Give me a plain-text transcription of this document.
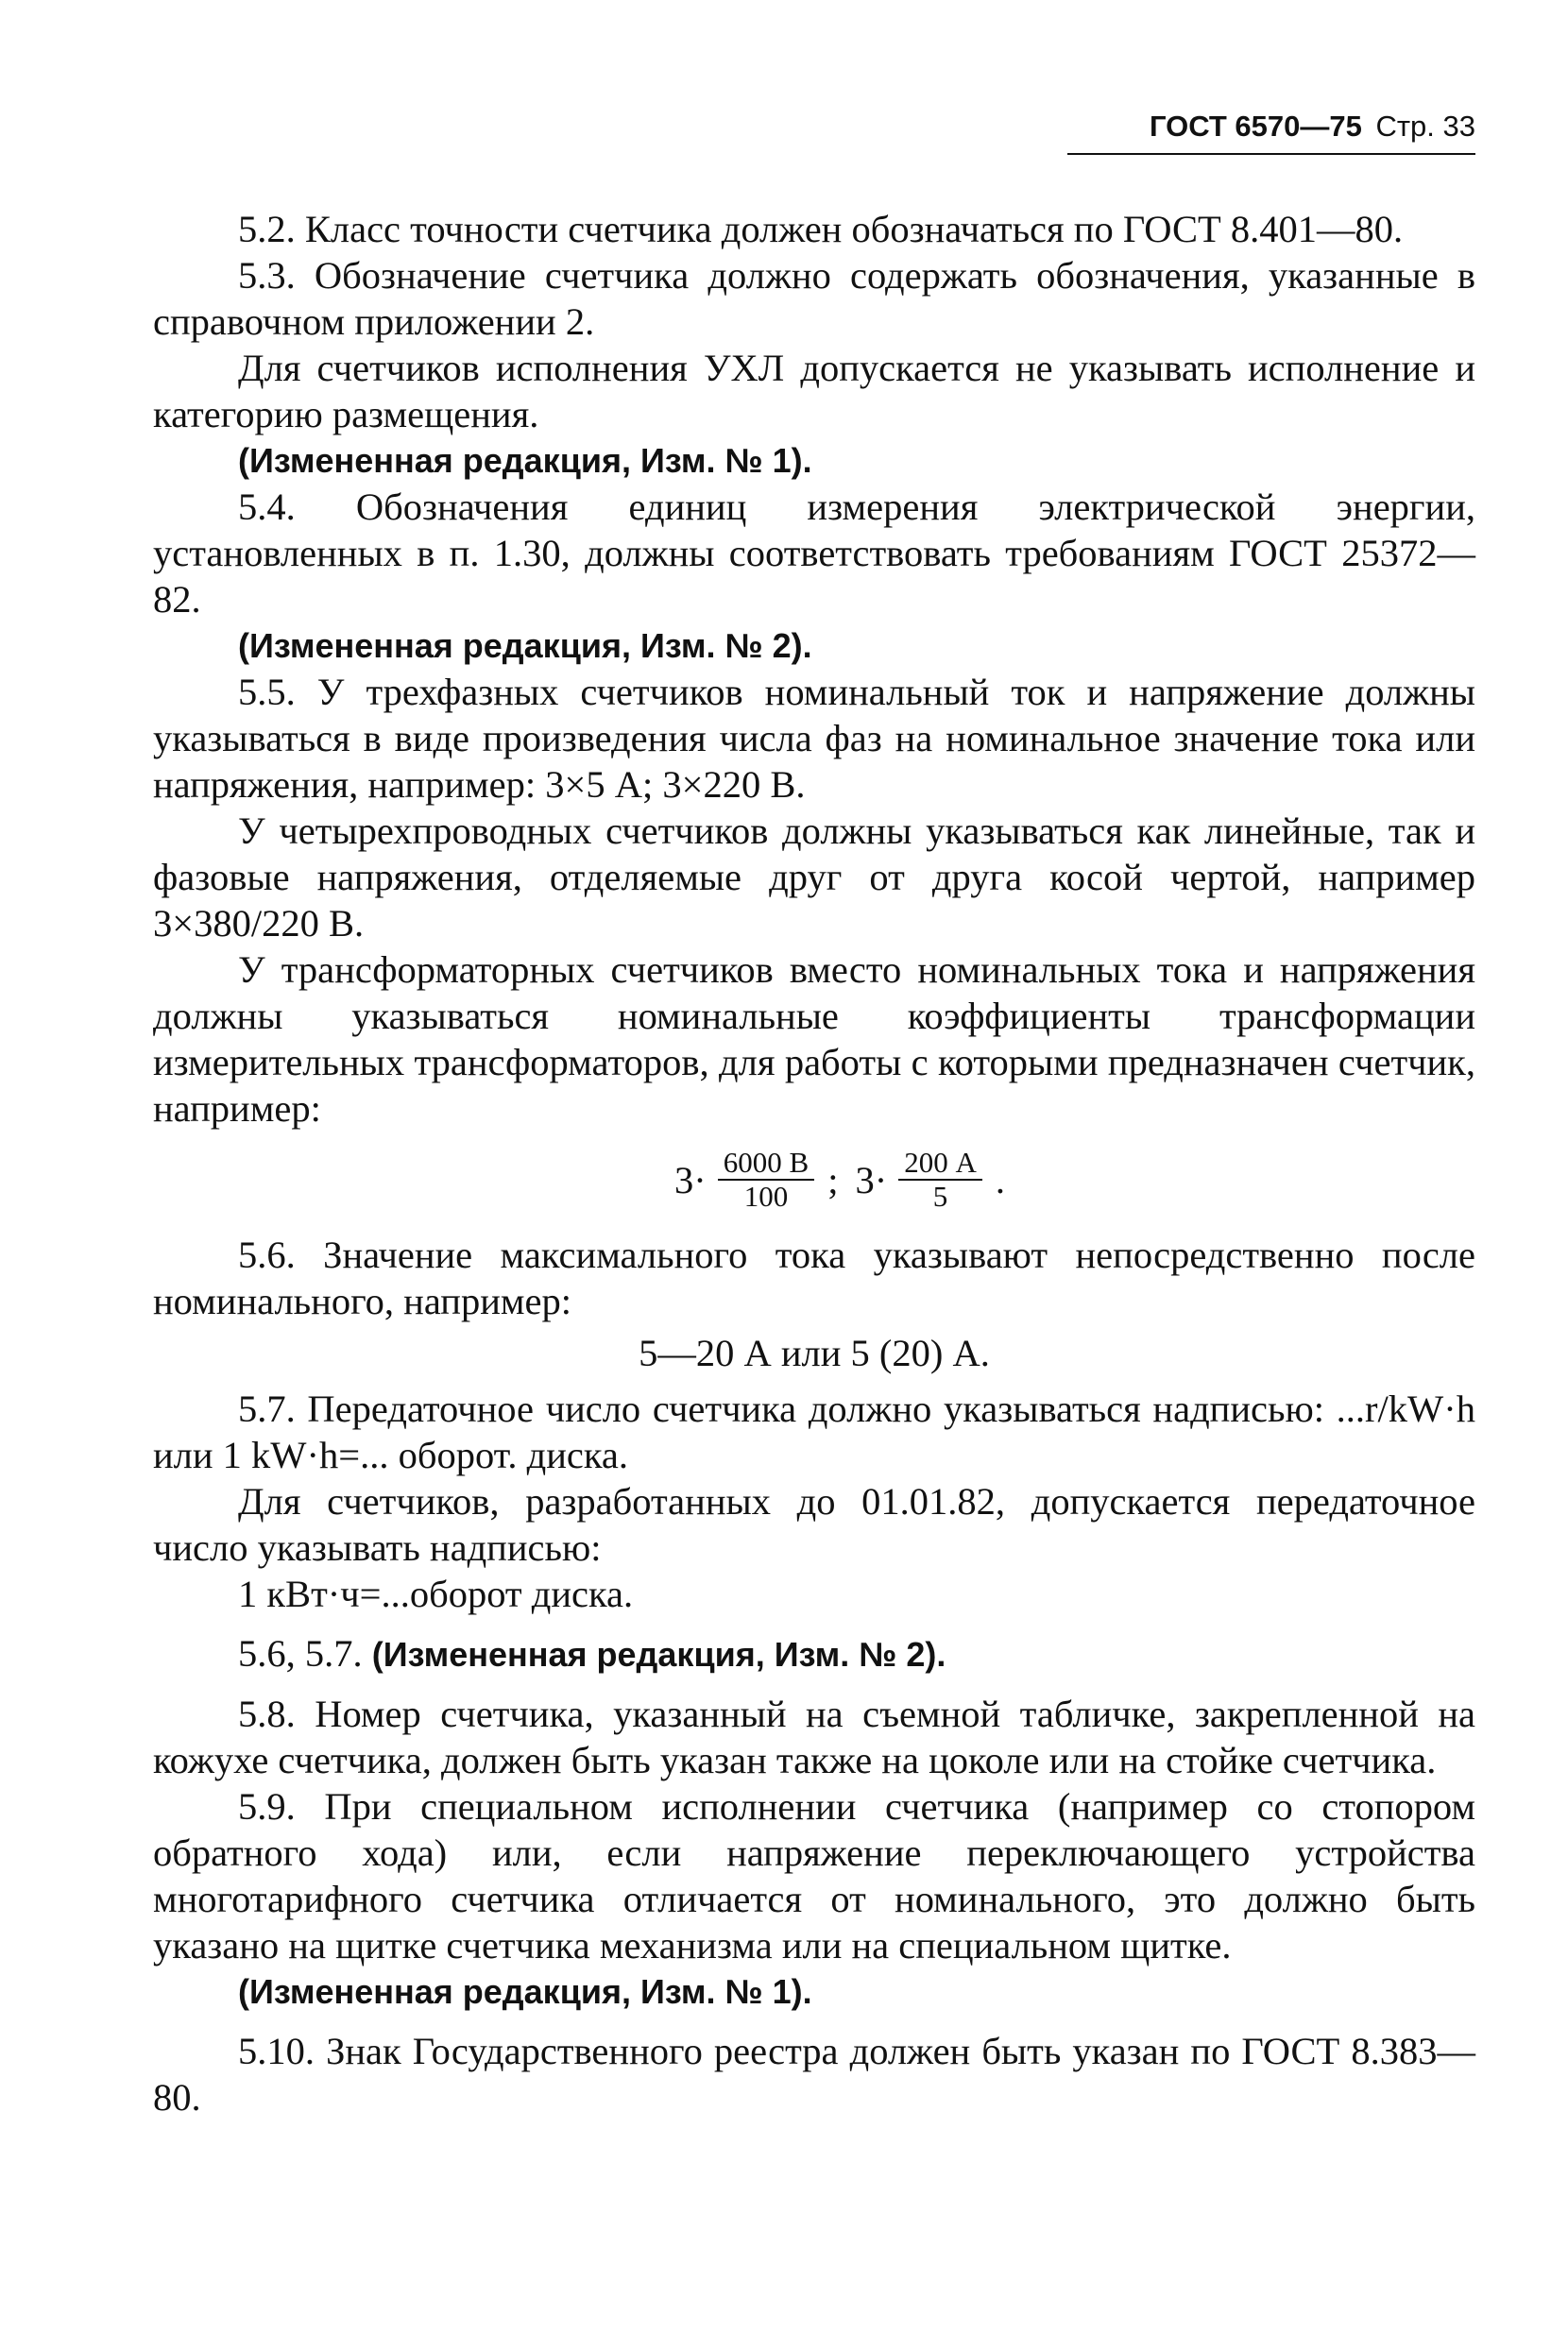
ГОСТ 6570—75 Стр. 33

5.2. Класс точности счетчика должен обозначаться по ГОСТ 8.401—80.

5.3. Обозначение счетчика должно содержать обозначения, указанные в справочном приложении 2.

Для счетчиков исполнения УХЛ допускается не указывать исполнение и категорию размещения.

(Измененная редакция, Изм. № 1).

5.4. Обозначения единиц измерения электрической энергии, установленных в п. 1.30, должны соответствовать требованиям ГОСТ 25372—82.

(Измененная редакция, Изм. № 2).

5.5. У трехфазных счетчиков номинальный ток и напряжение должны указываться в виде произведения числа фаз на номинальное значение тока или напряжения, например: 3×5 А; 3×220 В.

У четырехпроводных счетчиков должны указываться как линейные, так и фазовые напряжения, отделяемые друг от друга косой чертой, например 3×380/220 В.

У трансформаторных счетчиков вместо номинальных тока и напряжения должны указываться номинальные коэффициенты трансформации измерительных трансформаторов, для работы с которыми предназначен счетчик, например:

$3\cdot \frac{6000 В}{100}$ ; $3\cdot \frac{200 А}{5}$ .

5.6. Значение максимального тока указывают непосредственно после номинального, например:

5—20 А или 5 (20) А.

5.7. Передаточное число счетчика должно указываться надписью: ...r/kW·h или 1 kW·h=... оборот. диска.

Для счетчиков, разработанных до 01.01.82, допускается передаточное число указывать надписью:

1 кВт·ч=...оборот диска.

5.6, 5.7. (Измененная редакция, Изм. № 2).

5.8. Номер счетчика, указанный на съемной табличке, закрепленной на кожухе счетчика, должен быть указан также на цоколе или на стойке счетчика.

5.9. При специальном исполнении счетчика (например со стопором обратного хода) или, если напряжение переключающего устройства многотарифного счетчика отличается от номинального, это должно быть указано на щитке счетчика механизма или на специальном щитке.

(Измененная редакция, Изм. № 1).

5.10. Знак Государственного реестра должен быть указан по ГОСТ 8.383—80.
